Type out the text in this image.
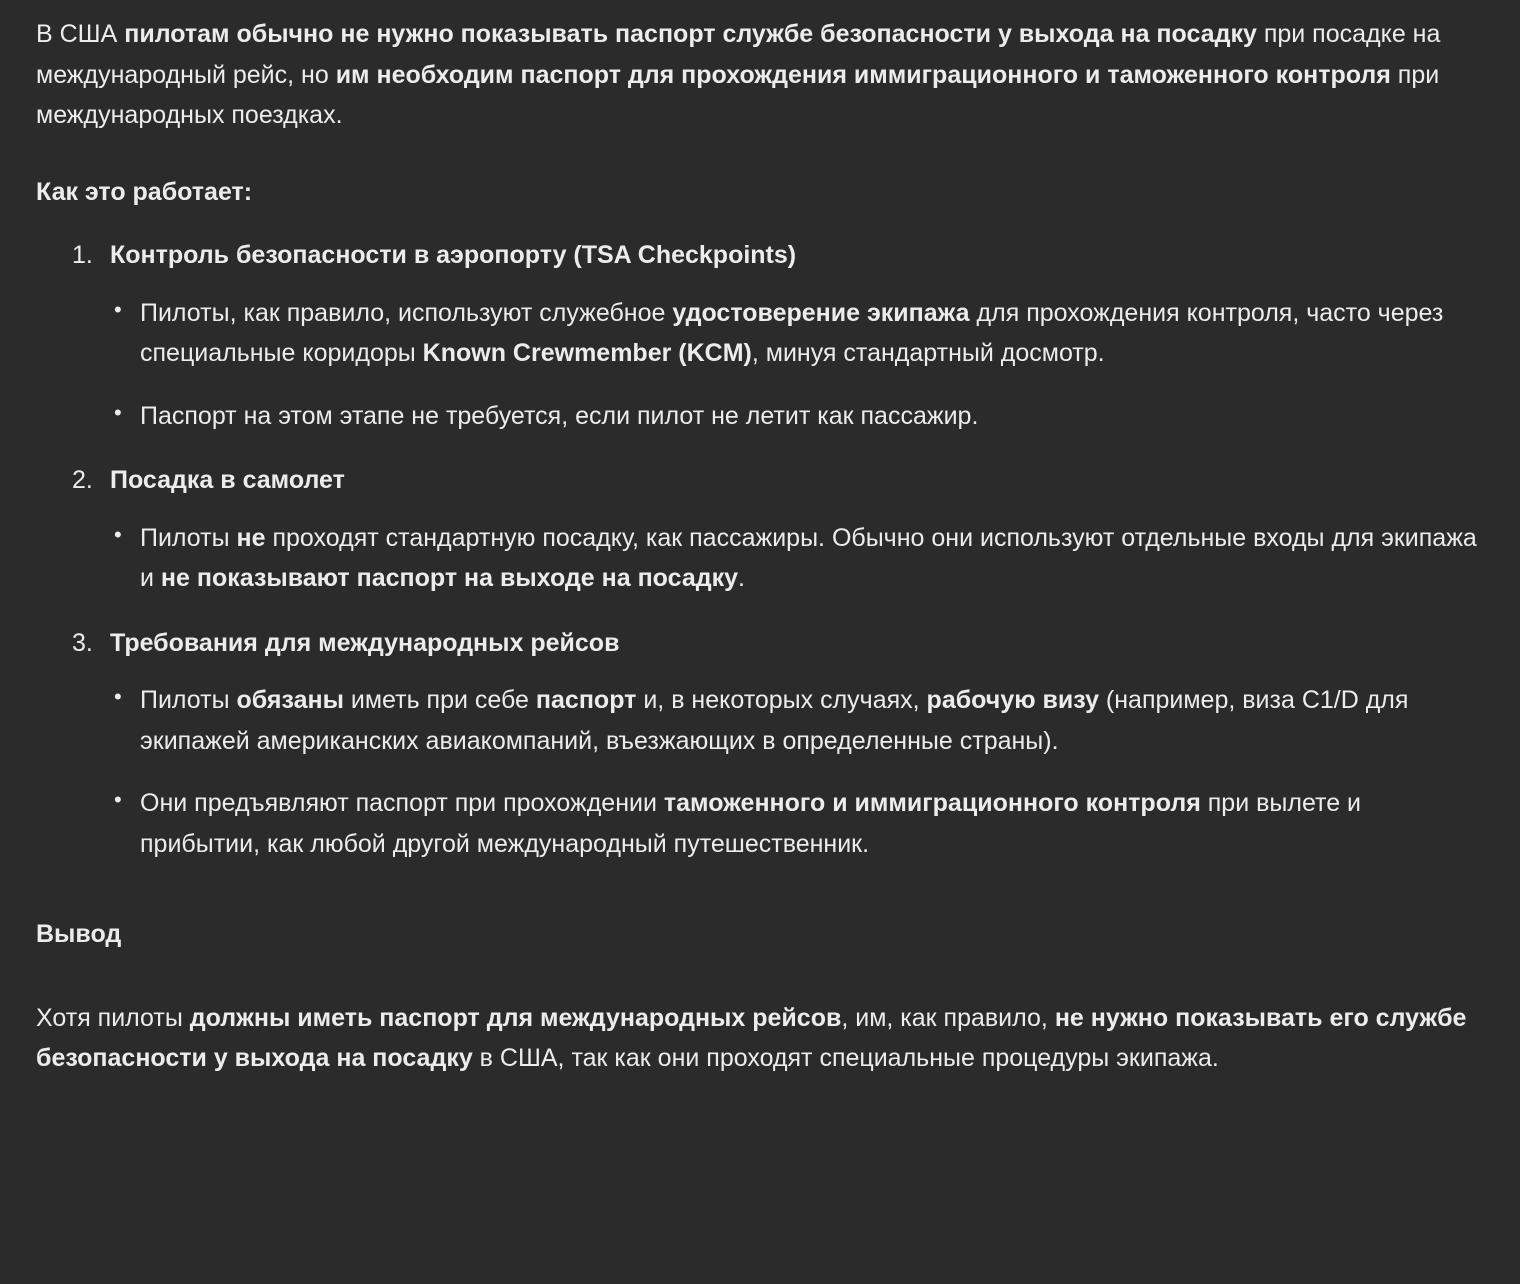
В США пилотам обычно не нужно показывать паспорт службе безопасности у выхода на посадку при посадке на международный рейс, но им необходим паспорт для прохождения иммиграционного и таможенного контроля при международных поездках.

Как это работает:
Контроль безопасности в аэропорту (TSA Checkpoints)
• Пилоты, как правило, используют служебное удостоверение экипажа для прохождения контроля, часто через специальные коридоры Known Crewmember (KCM), минуя стандартный досмотр.
• Паспорт на этом этапе не требуется, если пилот не летит как пассажир.
Посадка в самолет
• Пилоты не проходят стандартную посадку, как пассажиры. Обычно они используют отдельные входы для экипажа и не показывают паспорт на выходе на посадку.
Требования для международных рейсов
• Пилоты обязаны иметь при себе паспорт и, в некоторых случаях, рабочую визу (например, виза C1/D для экипажей американских авиакомпаний, въезжающих в определенные страны).
• Они предъявляют паспорт при прохождении таможенного и иммиграционного контроля при вылете и прибытии, как любой другой международный путешественник.
Вывод

Хотя пилоты должны иметь паспорт для международных рейсов, им, как правило, не нужно показывать его службе безопасности у выхода на посадку в США, так как они проходят специальные процедуры экипажа.
